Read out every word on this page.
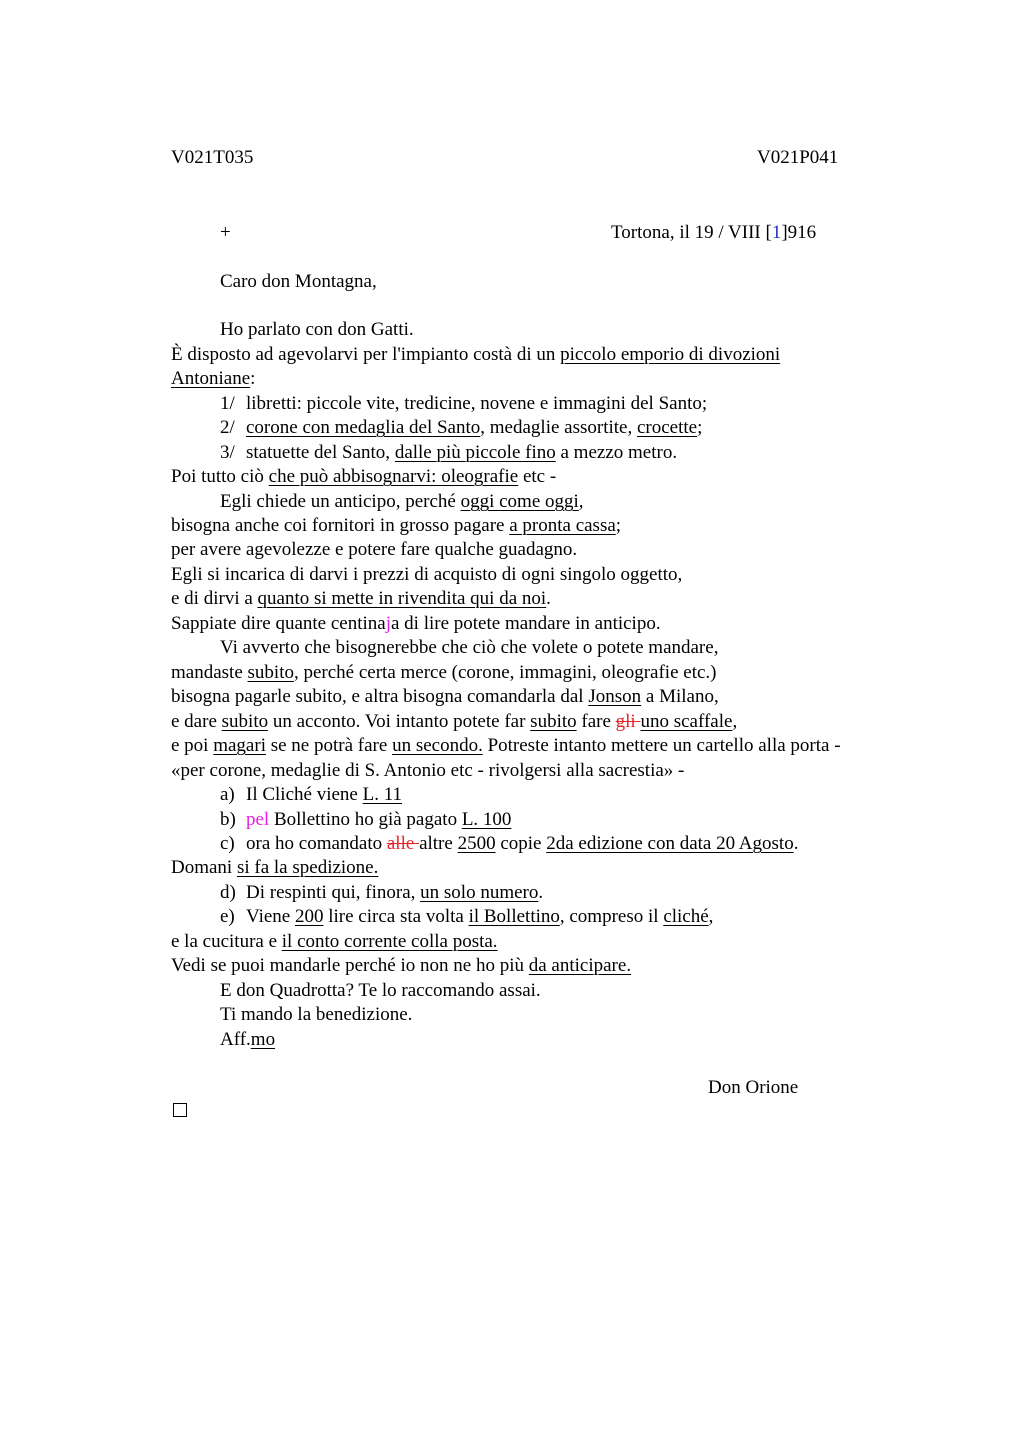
V021T035	V021P041
+	Tortona, il 19 / VIII [1]916
Caro don Montagna,
Ho parlato con don Gatti.
È disposto ad agevolarvi per l'impianto costà di un piccolo emporio di divozioni
Antoniane:
1/ libretti: piccole vite, tredicine, novene e immagini del Santo;
2/ corone con medaglia del Santo, medaglie assortite, crocette;
3/ statuette del Santo, dalle più piccole fino a mezzo metro.
Poi tutto ciò che può abbisognarvi: oleografie etc -
Egli chiede un anticipo, perché oggi come oggi,
bisogna anche coi fornitori in grosso pagare a pronta cassa;
per avere agevolezze e potere fare qualche guadagno.
Egli si incarica di darvi i prezzi di acquisto di ogni singolo oggetto,
e di dirvi a quanto si mette in rivendita qui da noi.
Sappiate dire quante centinaja di lire potete mandare in anticipo.
Vi avverto che bisognerebbe che ciò che volete o potete mandare,
mandaste subito, perché certa merce (corone, immagini, oleografie etc.)
bisogna pagarle subito, e altra bisogna comandarla dal Jonson a Milano,
e dare subito un acconto. Voi intanto potete far subito fare gli uno scaffale,
e poi magari se ne potrà fare un secondo. Potreste intanto mettere un cartello alla porta -
«per corone, medaglie di S. Antonio etc - rivolgersi alla sacrestia» -
a) Il Cliché viene L. 11
b) pel Bollettino ho già pagato L. 100
c) ora ho comandato alle altre 2500 copie 2da edizione con data 20 Agosto.
Domani si fa la spedizione.
d) Di respinti qui, finora, un solo numero.
e) Viene 200 lire circa sta volta il Bollettino, compreso il cliché,
e la cucitura e il conto corrente colla posta.
Vedi se puoi mandarle perché io non ne ho più da anticipare.
E don Quadrotta? Te lo raccomando assai.
Ti mando la benedizione.
Aff.mo
Don Orione
